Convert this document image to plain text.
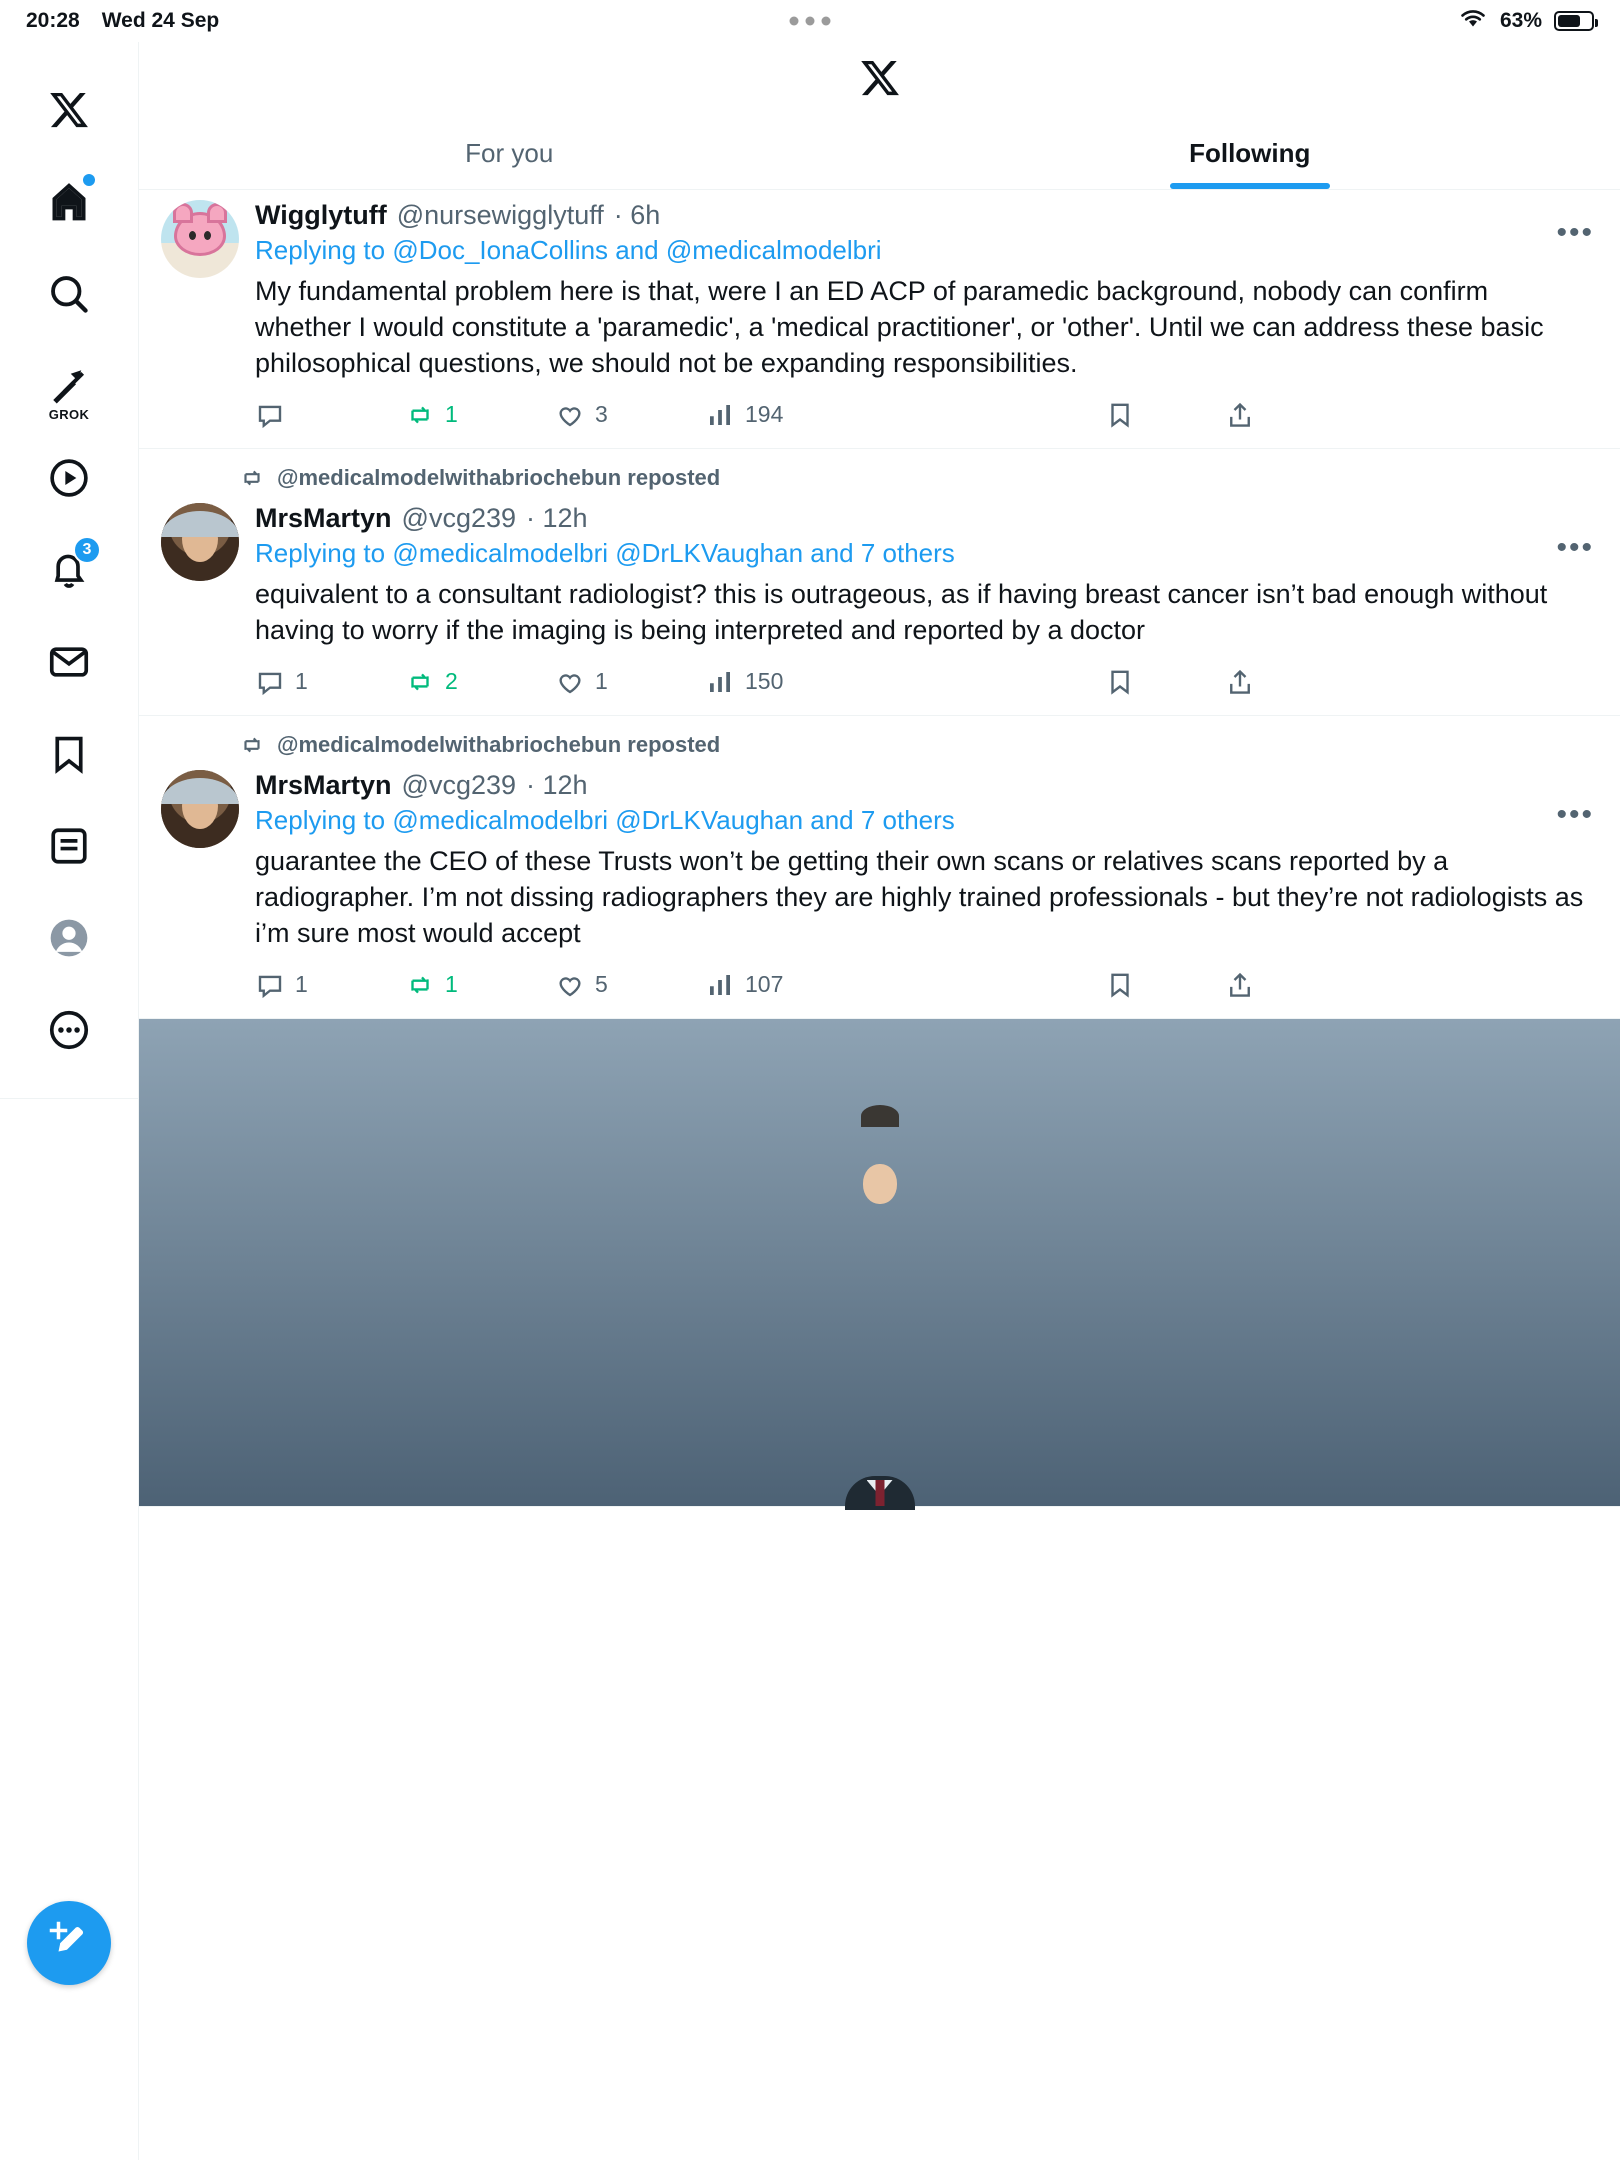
20:28 Wed 24 Sep	63%
GROK
3
For you	Following
•••
Wigglytuff @nursewigglytuff · 6h
Replying to @Doc_IonaCollins and @medicalmodelbri
My fundamental problem here is that, were I an ED ACP of paramedic background, nobody can confirm whether I would constitute a 'paramedic', a 'medical practitioner', or 'other'. Until we can address these basic philosophical questions, we should not be expanding responsibilities.
1	3	194
@medicalmodelwithabriochebun reposted
•••
MrsMartyn @vcg239 · 12h
Replying to @medicalmodelbri @DrLKVaughan and 7 others
equivalent to a consultant radiologist? this is outrageous, as if having breast cancer isn’t bad enough without having to worry if the imaging is being interpreted and reported by a doctor
1	2	1	150
@medicalmodelwithabriochebun reposted
•••
MrsMartyn @vcg239 · 12h
Replying to @medicalmodelbri @DrLKVaughan and 7 others
guarantee the CEO of these Trusts won’t be getting their own scans or relatives scans reported by a radiographer. I’m not dissing radiographers they are highly trained professionals - but they’re not radiologists as i’m sure most would accept
1	1	5	107
